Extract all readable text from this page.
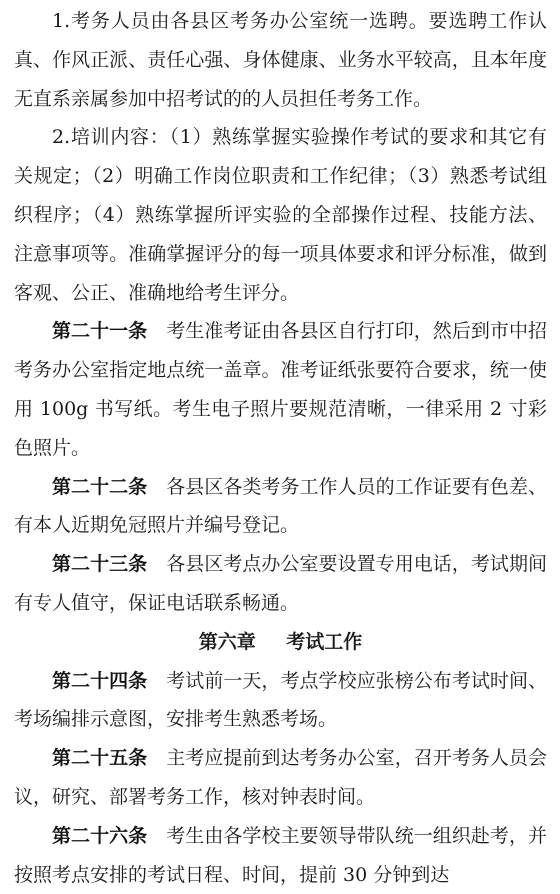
1.考务人员由各县区考务办公室统一选聘。要选聘工作认真、作风正派、责任心强、身体健康、业务水平较高，且本年度无直系亲属参加中招考试的的人员担任考务工作。

2.培训内容：（1）熟练掌握实验操作考试的要求和其它有关规定；（2）明确工作岗位职责和工作纪律；（3）熟悉考试组织程序；（4）熟练掌握所评实验的全部操作过程、技能方法、注意事项等。准确掌握评分的每一项具体要求和评分标准，做到客观、公正、准确地给考生评分。

第二十一条  考生准考证由各县区自行打印，然后到市中招考务办公室指定地点统一盖章。准考证纸张要符合要求，统一使用 100g 书写纸。考生电子照片要规范清晰，一律采用 2 寸彩色照片。

第二十二条  各县区各类考务工作人员的工作证要有色差、有本人近期免冠照片并编号登记。

第二十三条  各县区考点办公室要设置专用电话，考试期间有专人值守，保证电话联系畅通。

第六章 考试工作

第二十四条  考试前一天，考点学校应张榜公布考试时间、考场编排示意图，安排考生熟悉考场。

第二十五条  主考应提前到达考务办公室，召开考务人员会议，研究、部署考务工作，核对钟表时间。

第二十六条  考生由各学校主要领导带队统一组织赴考，并按照考点安排的考试日程、时间，提前 30 分钟到达
